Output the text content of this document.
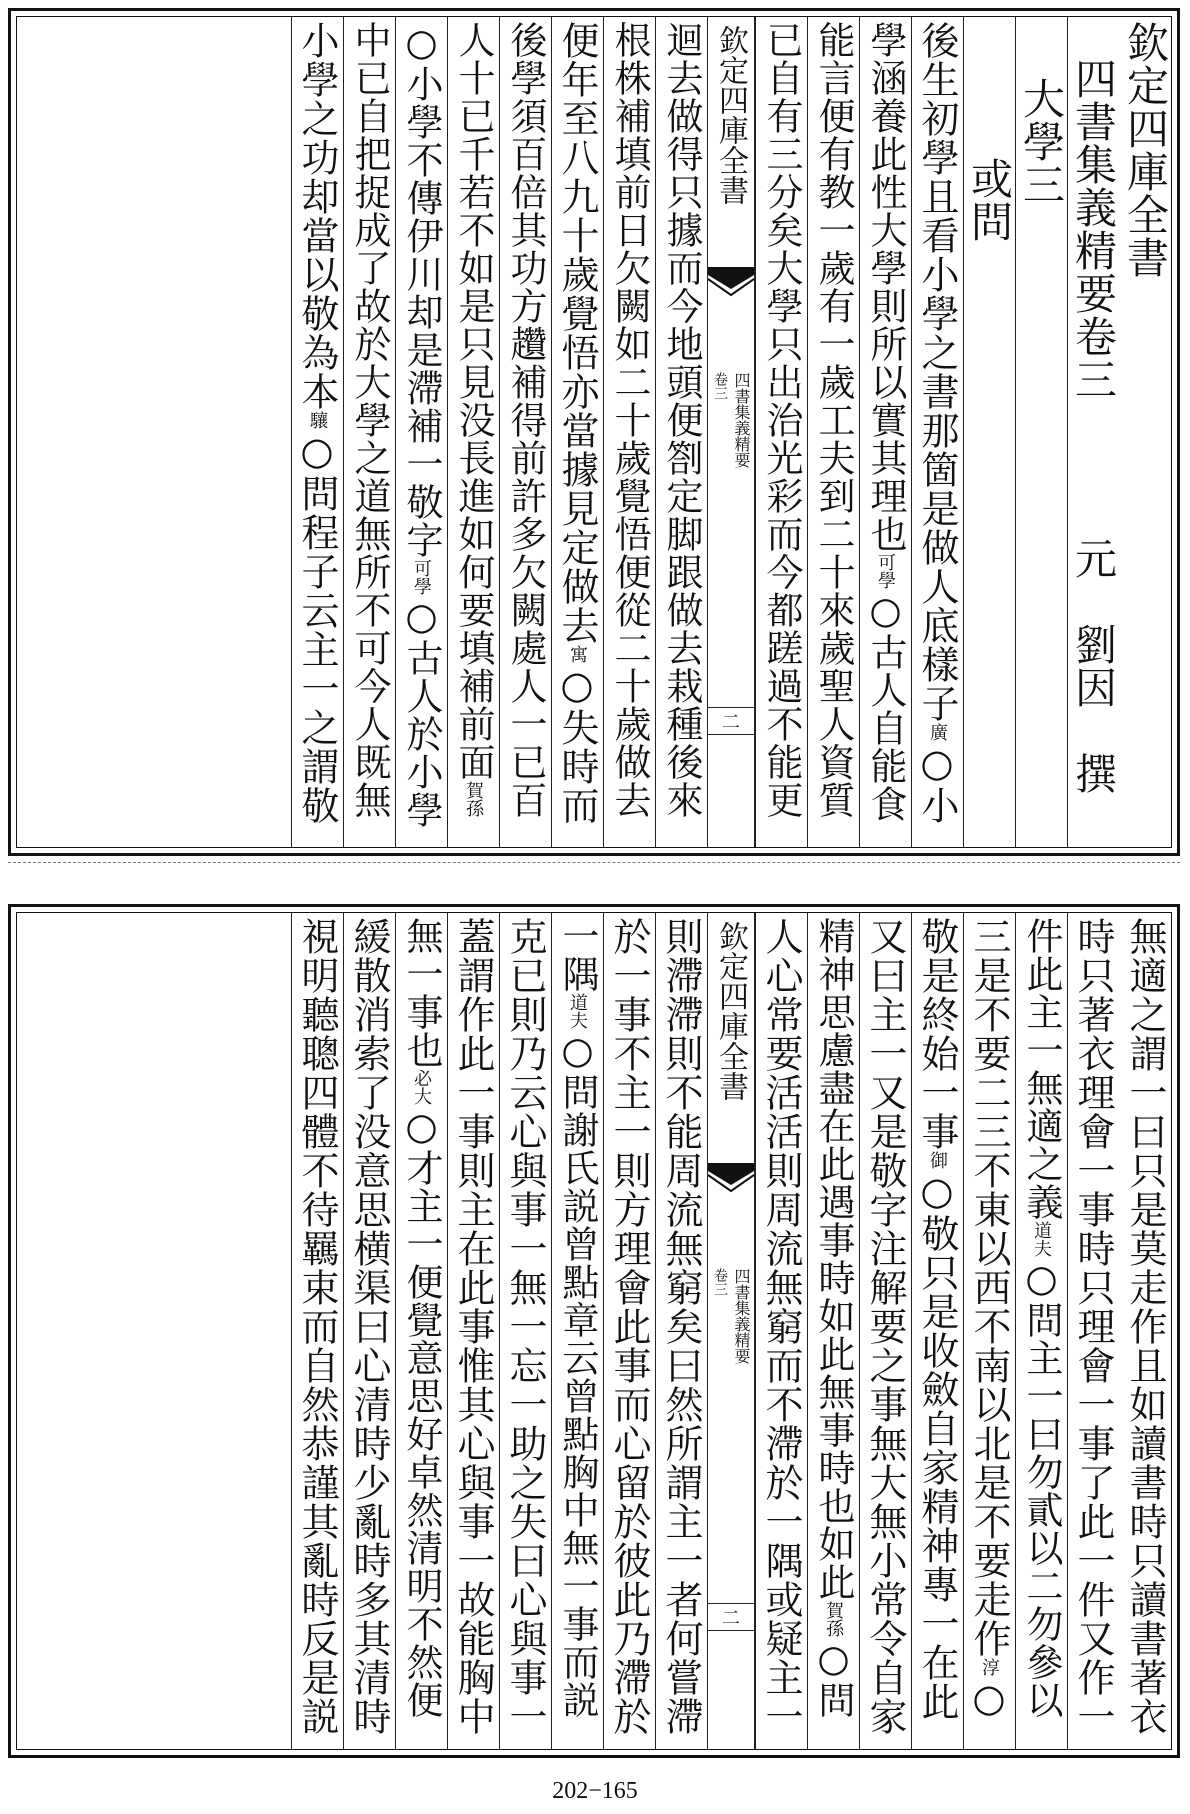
欽定四庫全書
四書集義精要卷三
元　劉因　撰
大學三
或問
後生初學且看小學之書那箇是做人底樣子廣○小
學涵養此性大學則所以實其理也可學○古人自能食
能言便有教一歲有一歲工夫到二十來歲聖人資質
已自有三分矣大學只出治光彩而今都蹉過不能更
欽定四庫全書
四書集義精要
卷三
二
迴去做得只據而今地頭便劄定脚跟做去栽種後來
根株補填前日欠闕如二十歲覺悟便從二十歲做去
便年至八九十歲覺悟亦當據見定做去寓○失時而
後學須百倍其功方趲補得前許多欠闕處人一已百
人十已千若不如是只見没長進如何要填補前面賀孫
○小學不傳伊川却是滯補一敬字可學○古人於小學
中已自把捉成了故於大學之道無所不可今人既無
小學之功却當以敬為本驤○問程子云主一之謂敬
無適之謂一曰只是莫走作且如讀書時只讀書著衣
時只著衣理會一事時只理會一事了此一件又作一
件此主一無適之義道夫○問主一曰勿貳以二勿參以
三是不要二三不東以西不南以北是不要走作淳○
敬是終始一事御○敬只是收斂自家精神專一在此
又曰主一又是敬字注解要之事無大無小常令自家
精神思慮盡在此遇事時如此無事時也如此賀孫○問
人心常要活活則周流無窮而不滯於一隅或疑主一
欽定四庫全書
四書集義精要
卷三
二
則滯滯則不能周流無窮矣曰然所謂主一者何嘗滯
於一事不主一則方理會此事而心留於彼此乃滯於
一隅道夫○問謝氏説曾點章云曾點胸中無一事而説
克已則乃云心與事一無一忘一助之失曰心與事一
蓋謂作此一事則主在此事惟其心與事一故能胸中
無一事也必大○才主一便覺意思好卓然清明不然便
緩散消索了没意思横渠曰心清時少亂時多其清時
視明聽聰四體不待羈束而自然恭謹其亂時反是説
202−165
